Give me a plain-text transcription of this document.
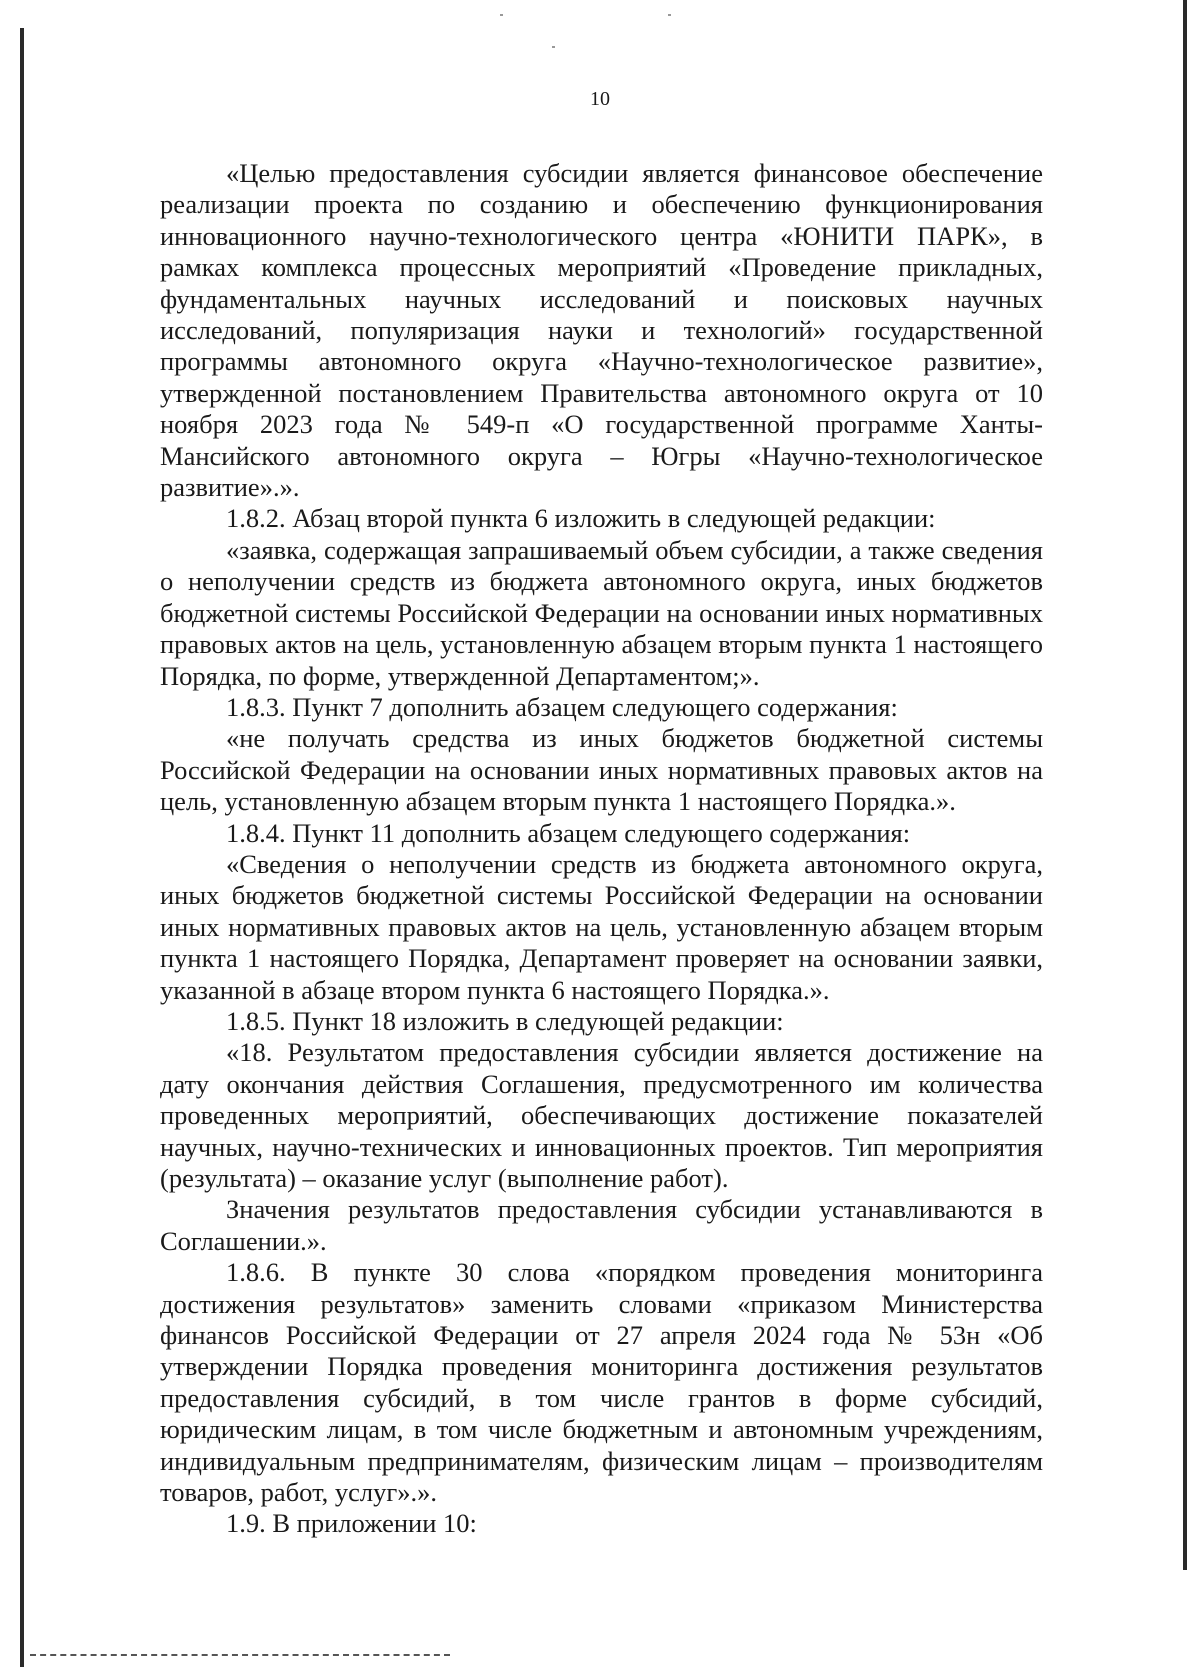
10

«Целью предоставления субсидии является финансовое обеспечение реализации проекта по созданию и обеспечению функционирования инновационного научно-технологического центра «ЮНИТИ ПАРК», в рамках комплекса процессных мероприятий «Проведение прикладных, фундаментальных научных исследований и поисковых научных исследований, популяризация науки и технологий» государственной программы автономного округа «Научно-технологическое развитие», утвержденной постановлением Правительства автономного округа от 10 ноября 2023 года № 549-п «О государственной программе Ханты-Мансийского автономного округа – Югры «Научно-технологическое развитие».».

1.8.2. Абзац второй пункта 6 изложить в следующей редакции:

«заявка, содержащая запрашиваемый объем субсидии, а также сведения о неполучении средств из бюджета автономного округа, иных бюджетов бюджетной системы Российской Федерации на основании иных нормативных правовых актов на цель, установленную абзацем вторым пункта 1 настоящего Порядка, по форме, утвержденной Департаментом;».

1.8.3. Пункт 7 дополнить абзацем следующего содержания:

«не получать средства из иных бюджетов бюджетной системы Российской Федерации на основании иных нормативных правовых актов на цель, установленную абзацем вторым пункта 1 настоящего Порядка.».

1.8.4. Пункт 11 дополнить абзацем следующего содержания:

«Сведения о неполучении средств из бюджета автономного округа, иных бюджетов бюджетной системы Российской Федерации на основании иных нормативных правовых актов на цель, установленную абзацем вторым пункта 1 настоящего Порядка, Департамент проверяет на основании заявки, указанной в абзаце втором пункта 6 настоящего Порядка.».

1.8.5. Пункт 18 изложить в следующей редакции:

«18. Результатом предоставления субсидии является достижение на дату окончания действия Соглашения, предусмотренного им количества проведенных мероприятий, обеспечивающих достижение показателей научных, научно-технических и инновационных проектов. Тип мероприятия (результата) – оказание услуг (выполнение работ).

Значения результатов предоставления субсидии устанавливаются в Соглашении.».

1.8.6. В пункте 30 слова «порядком проведения мониторинга достижения результатов» заменить словами «приказом Министерства финансов Российской Федерации от 27 апреля 2024 года № 53н «Об утверждении Порядка проведения мониторинга достижения результатов предоставления субсидий, в том числе грантов в форме субсидий, юридическим лицам, в том числе бюджетным и автономным учреждениям, индивидуальным предпринимателям, физическим лицам – производителям товаров, работ, услуг».».

1.9. В приложении 10:
